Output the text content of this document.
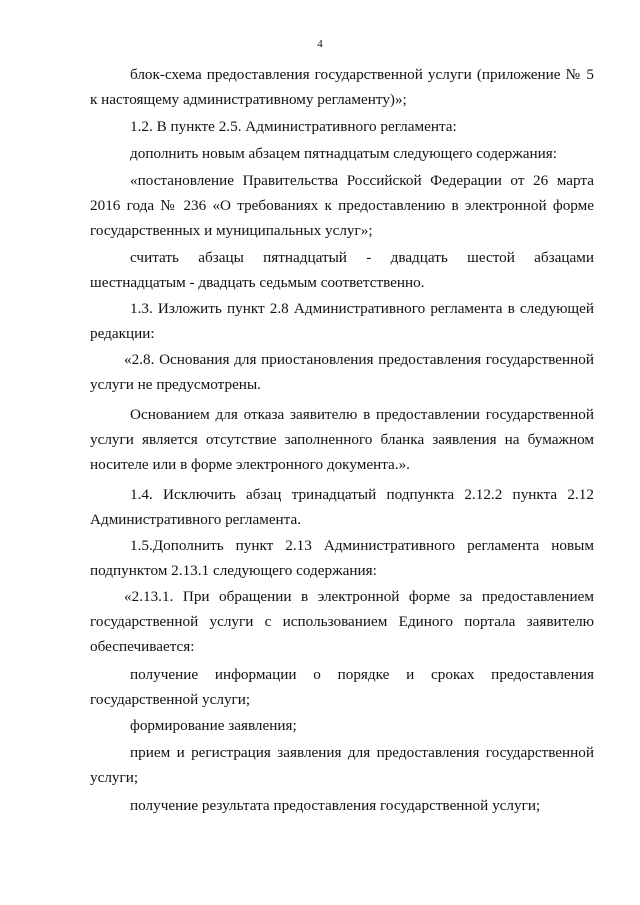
4

блок-схема предоставления государственной услуги (приложение № 5 к настоящему административному регламенту)»;

1.2. В пункте 2.5. Административного регламента:

дополнить новым абзацем пятнадцатым следующего содержания:

«постановление Правительства Российской Федерации от 26 марта 2016 года № 236 «О требованиях к предоставлению в электронной форме государственных и муниципальных услуг»;

считать абзацы пятнадцатый - двадцать шестой абзацами шестнадцатым - двадцать седьмым соответственно.

1.3. Изложить пункт 2.8 Административного регламента в следующей редакции:

«2.8. Основания для приостановления предоставления государственной услуги не предусмотрены.

Основанием для отказа заявителю в предоставлении государственной услуги является отсутствие заполненного бланка заявления на бумажном носителе или в форме электронного документа.».

1.4. Исключить абзац тринадцатый подпункта 2.12.2 пункта 2.12 Административного регламента.

1.5.Дополнить пункт 2.13 Административного регламента новым подпунктом 2.13.1 следующего содержания:

«2.13.1. При обращении в электронной форме за предоставлением государственной услуги с использованием Единого портала заявителю обеспечивается:

получение информации о порядке и сроках предоставления государственной услуги;

формирование заявления;

прием и регистрация заявления для предоставления государственной услуги;

получение результата предоставления государственной услуги;
